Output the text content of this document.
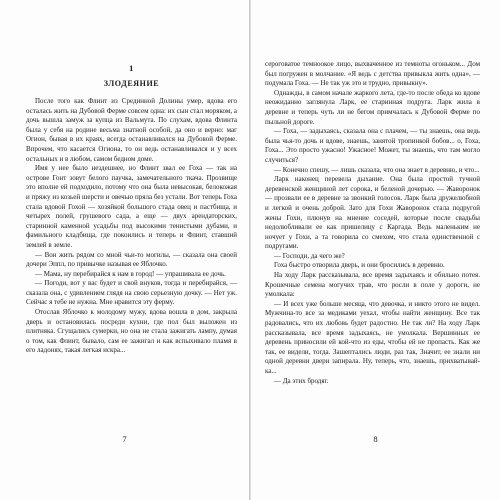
1
ЗЛОДЕЯНИЕ

После того как Флинт из Срединной Долины умер, вдова его осталась жить на Дубовой Ферме совсем одна: их сын стал моряком, а дочь вышла замуж за купца из Вальмута. По слухам, вдова Флинта была у себя на родине весьма знатной особой, да оно и верно: маг Огион, бывая в их краях, всегда останавливался на Дубовой Ферме. Впрочем, что касается Огиона, то он ведь останавливался и у всех остальных и в любом, самом бедном доме.

Имя у нее было нездешнее, но Флинт звал ее Гоха — так на острове Гонт зовут белого паучка, замечательного ткача. Прозвище это вполне ей подходило, потому что она была невысокая, белокожая и пряжу из козьей шерсти и овечью пряла без устали. Вот теперь Гоха стала вдовой Гохой — хозяйкой большого стада овец и пастбища, и четырех полей, грушевого сада, а еще — двух арендаторских, старинной каменной усадьбы под высокими тенистыми дубами, и фамильного кладбища, где покоились и теперь и Флинт, ставший землей в земле.

— Вон жить рядом со мной чьи-то могилы, — сказала она своей дочери Эппл, по привычке называя ее Яблочко.

— Мама, ну перебирайся к нам в город! — упрашивала ее дочь.

— Погоди, вот у вас будет и свой внуков, тогда и перебирайся, — сказала она, с удивлением глядя на свою серьезную дочку. — Нет уж. Сейчас я тебе не нужна. Мне нравится эту ферму.

Отослав Яблочко к молодому мужу, вдова вошла в дом, закрыла дверь и остановилась посреди кухни, где пол был выложен из плитняка. Сгущались сумерки, но она не стала зажигать лампу, думая о том, как Флинт, бывало, сам ее зажигал и как вспыхивало пламя в его ладонях, такая легкая искра...

7

сероговатое темноокое лицо, выхваченное из темноты огоньком... Дом был погружен в молчание. «Я ведь с детства привыкла жить одна», — подумала Гоха. — Не так уж это и трудно, привыкну».

Однажды, в самом начале жаркого лета, где-то после обеда ко вдове неожиданно заглянула Ларк, ее старинная подруга. Ларк жила в деревне и теперь чуть ли не бегом примчалась к Дубовой Ферме по пыльной дороге.

— Гоха, — задыхаясь, сказала она с плачем, — ты знаешь, она ведь была чья-то дочь и вдове, знаешь, занятой тропинкой бобов... о, Гоха, Гоха... Это просто ужасно! Ужасное! Может, ты знаешь, что там могло случиться?

— Конечно спешу, — лишь сказала, что она знает в деревню, и что...

Ларк наконец перевела дыхание. Она была простой тучной деревенской женщиной лет сорока, и беленой дочерью. — Жаворонок — прозвали ее в деревне за звонкий голосок. Ларк была дружелюбной и легкой и очень доброй. Зато для Гохи Жаворонок стала подругой жены Гохи, плюнув на мнение соседей, которые после свадьбы недолюбливали ее как пришелицу с Каргада. Ведь маленьким не ночует у Гохи, а та говорила со смехом, что стала единственной с подругами.

— Господи, да чего же?

Гоха быстро отворила дверь, и они бросились в деревню.

На ходу Ларк рассказывала, все время задыхаясь и обильно потея. Крошечные семена могучих трав, что росли в поле у дороги, не умолкала:

— И всех уже больше месяца, что девочка, и никто этого не видел. Мужчина-то все за медиками уехал, чтобы найти женщину. Все так радовались, что их любовь будет радостно. Не так ли? На ходу Ларк рассказывала, все время задыхаясь, не умолкала. Вершинных ее деревень приносили ей кой-что из еды, чтобы ей не пропасть. Как же так, ее видели, тогда. Зашептались люди, раз так, Значит, ее знали ни одной деревни двери запирала. Ну, теперь, что, знаешь, прихватывай-ка...

— Да этих бродяг.

8
